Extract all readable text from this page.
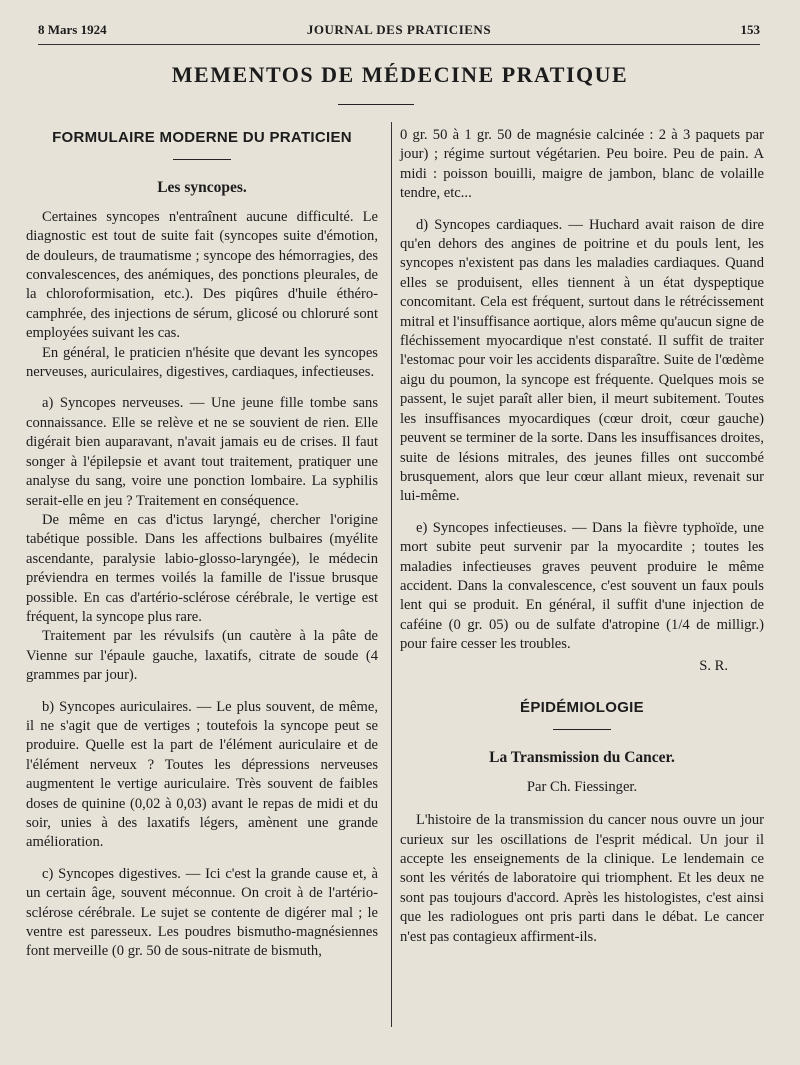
8 Mars 1924	JOURNAL DES PRATICIENS	153
MEMENTOS DE MÉDECINE PRATIQUE
FORMULAIRE MODERNE DU PRATICIEN
Les syncopes.

Certaines syncopes n'entraînent aucune difficulté. Le diagnostic est tout de suite fait (syncopes suite d'émotion, de douleurs, de traumatisme ; syncope des hémorragies, des convalescences, des anémiques, des ponctions pleurales, de la chloroformisation, etc.). Des piqûres d'huile éthéro-camphrée, des injections de sérum, glicosé ou chloruré sont employées suivant les cas.

En général, le praticien n'hésite que devant les syncopes nerveuses, auriculaires, digestives, cardiaques, infectieuses.

a) Syncopes nerveuses. — Une jeune fille tombe sans connaissance. Elle se relève et ne se souvient de rien. Elle digérait bien auparavant, n'avait jamais eu de crises. Il faut songer à l'épilepsie et avant tout traitement, pratiquer une analyse du sang, voire une ponction lombaire. La syphilis serait-elle en jeu ? Traitement en conséquence.

De même en cas d'ictus laryngé, chercher l'origine tabétique possible. Dans les affections bulbaires (myélite ascendante, paralysie labio-glosso-laryngée), le médecin préviendra en termes voilés la famille de l'issue brusque possible. En cas d'artério-sclérose cérébrale, le vertige est fréquent, la syncope plus rare.

Traitement par les révulsifs (un cautère à la pâte de Vienne sur l'épaule gauche, laxatifs, citrate de soude (4 grammes par jour).

b) Syncopes auriculaires. — Le plus souvent, de même, il ne s'agit que de vertiges ; toutefois la syncope peut se produire. Quelle est la part de l'élément auriculaire et de l'élément nerveux ? Toutes les dépressions nerveuses augmentent le vertige auriculaire. Très souvent de faibles doses de quinine (0,02 à 0,03) avant le repas de midi et du soir, unies à des laxatifs légers, amènent une grande amélioration.

c) Syncopes digestives. — Ici c'est la grande cause et, à un certain âge, souvent méconnue. On croit à de l'artério-sclérose cérébrale. Le sujet se contente de digérer mal ; le ventre est paresseux. Les poudres bismutho-magnésiennes font merveille (0 gr. 50 de sous-nitrate de bismuth,

0 gr. 50 à 1 gr. 50 de magnésie calcinée : 2 à 3 paquets par jour) ; régime surtout végétarien. Peu boire. Peu de pain. A midi : poisson bouilli, maigre de jambon, blanc de volaille tendre, etc...

d) Syncopes cardiaques. — Huchard avait raison de dire qu'en dehors des angines de poitrine et du pouls lent, les syncopes n'existent pas dans les maladies cardiaques. Quand elles se produisent, elles tiennent à un état dyspeptique concomitant. Cela est fréquent, surtout dans le rétrécissement mitral et l'insuffisance aortique, alors même qu'aucun signe de fléchissement myocardique n'est constaté. Il suffit de traiter l'estomac pour voir les accidents disparaître. Suite de l'œdème aigu du poumon, la syncope est fréquente. Quelques mois se passent, le sujet paraît aller bien, il meurt subitement. Toutes les insuffisances myocardiques (cœur droit, cœur gauche) peuvent se terminer de la sorte. Dans les insuffisances droites, suite de lésions mitrales, des jeunes filles ont succombé brusquement, alors que leur cœur allant mieux, revenait sur lui-même.

e) Syncopes infectieuses. — Dans la fièvre typhoïde, une mort subite peut survenir par la myocardite ; toutes les maladies infectieuses graves peuvent produire le même accident. Dans la convalescence, c'est souvent un faux pouls lent qui se produit. En général, il suffit d'une injection de caféine (0 gr. 05) ou de sulfate d'atropine (1/4 de milligr.) pour faire cesser les troubles.

S. R.
ÉPIDÉMIOLOGIE
La Transmission du Cancer.
Par Ch. Fiessinger.

L'histoire de la transmission du cancer nous ouvre un jour curieux sur les oscillations de l'esprit médical. Un jour il accepte les enseignements de la clinique. Le lendemain ce sont les vérités de laboratoire qui triomphent. Et les deux ne sont pas toujours d'accord. Après les histologistes, c'est ainsi que les radiologues ont pris parti dans le débat. Le cancer n'est pas contagieux affirment-ils.
